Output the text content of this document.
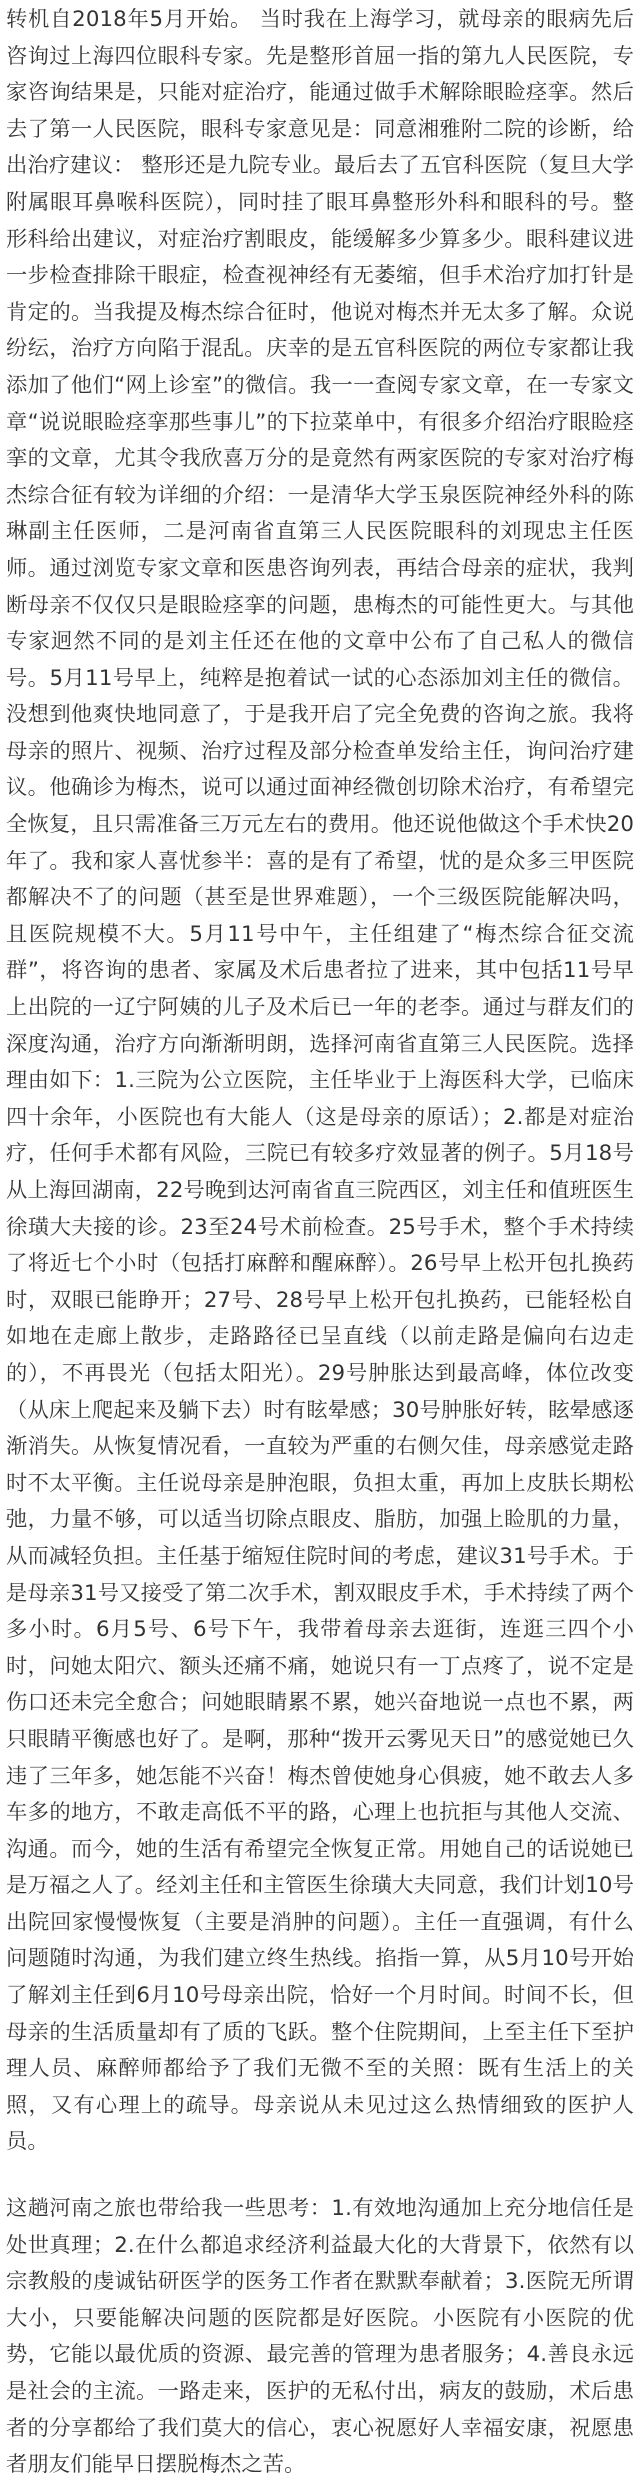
转机自2018年5月开始。 当时我在上海学习，就母亲的眼病先后咨询过上海四位眼科专家。先是整形首屈一指的第九人民医院，专家咨询结果是，只能对症治疗，能通过做手术解除眼睑痉挛。然后去了第一人民医院，眼科专家意见是：同意湘雅附二院的诊断，给出治疗建议： 整形还是九院专业。最后去了五官科医院（复旦大学附属眼耳鼻喉科医院），同时挂了眼耳鼻整形外科和眼科的号。整形科给出建议，对症治疗割眼皮，能缓解多少算多少。眼科建议进一步检查排除干眼症，检查视神经有无萎缩，但手术治疗加打针是肯定的。当我提及梅杰综合征时，他说对梅杰并无太多了解。众说纷纭，治疗方向陷于混乱。庆幸的是五官科医院的两位专家都让我添加了他们“网上诊室”的微信。我一一查阅专家文章，在一专家文章“说说眼睑痉挛那些事儿”的下拉菜单中，有很多介绍治疗眼睑痉挛的文章，尤其令我欣喜万分的是竟然有两家医院的专家对治疗梅杰综合征有较为详细的介绍：一是清华大学玉泉医院神经外科的陈琳副主任医师，二是河南省直第三人民医院眼科的刘现忠主任医师。通过浏览专家文章和医患咨询列表，再结合母亲的症状，我判断母亲不仅仅只是眼睑痉挛的问题，患梅杰的可能性更大。与其他专家迥然不同的是刘主任还在他的文章中公布了自己私人的微信号。5月11号早上，纯粹是抱着试一试的心态添加刘主任的微信。没想到他爽快地同意了，于是我开启了完全免费的咨询之旅。我将母亲的照片、视频、治疗过程及部分检查单发给主任，询问治疗建议。他确诊为梅杰，说可以通过面神经微创切除术治疗，有希望完全恢复，且只需准备三万元左右的费用。他还说他做这个手术快20年了。我和家人喜忧参半：喜的是有了希望，忧的是众多三甲医院都解决不了的问题（甚至是世界难题），一个三级医院能解决吗，且医院规模不大。5月11号中午，主任组建了“梅杰综合征交流群”，将咨询的患者、家属及术后患者拉了进来，其中包括11号早上出院的一辽宁阿姨的儿子及术后已一年的老李。通过与群友们的深度沟通，治疗方向渐渐明朗，选择河南省直第三人民医院。选择理由如下：1.三院为公立医院，主任毕业于上海医科大学，已临床四十余年，小医院也有大能人（这是母亲的原话）；2.都是对症治疗，任何手术都有风险，三院已有较多疗效显著的例子。5月18号从上海回湖南，22号晚到达河南省直三院西区，刘主任和值班医生徐璜大夫接的诊。23至24号术前检查。25号手术，整个手术持续了将近七个小时（包括打麻醉和醒麻醉）。26号早上松开包扎换药时，双眼已能睁开；27号、28号早上松开包扎换药，已能轻松自如地在走廊上散步，走路路径已呈直线（以前走路是偏向右边走的），不再畏光（包括太阳光）。29号肿胀达到最高峰，体位改变（从床上爬起来及躺下去）时有眩晕感；30号肿胀好转，眩晕感逐渐消失。从恢复情况看，一直较为严重的右侧欠佳，母亲感觉走路时不太平衡。主任说母亲是肿泡眼，负担太重，再加上皮肤长期松弛，力量不够，可以适当切除点眼皮、脂肪，加强上睑肌的力量，从而减轻负担。主任基于缩短住院时间的考虑，建议31号手术。于是母亲31号又接受了第二次手术，割双眼皮手术，手术持续了两个多小时。6月5号、6号下午，我带着母亲去逛街，连逛三四个小时，问她太阳穴、额头还痛不痛，她说只有一丁点疼了，说不定是伤口还未完全愈合；问她眼睛累不累，她兴奋地说一点也不累，两只眼睛平衡感也好了。是啊，那种“拨开云雾见天日”的感觉她已久违了三年多，她怎能不兴奋！梅杰曾使她身心俱疲，她不敢去人多车多的地方，不敢走高低不平的路，心理上也抗拒与其他人交流、沟通。而今，她的生活有希望完全恢复正常。用她自己的话说她已是万福之人了。经刘主任和主管医生徐璜大夫同意，我们计划10号出院回家慢慢恢复（主要是消肿的问题）。主任一直强调，有什么问题随时沟通，为我们建立终生热线。掐指一算，从5月10号开始了解刘主任到6月10号母亲出院，恰好一个月时间。时间不长，但母亲的生活质量却有了质的飞跃。整个住院期间，上至主任下至护理人员、麻醉师都给予了我们无微不至的关照：既有生活上的关照，又有心理上的疏导。母亲说从未见过这么热情细致的医护人员。

这趟河南之旅也带给我一些思考：1.有效地沟通加上充分地信任是处世真理；2.在什么都追求经济利益最大化的大背景下，依然有以宗教般的虔诚钻研医学的医务工作者在默默奉献着；3.医院无所谓大小，只要能解决问题的医院都是好医院。小医院有小医院的优势，它能以最优质的资源、最完善的管理为患者服务；4.善良永远是社会的主流。一路走来，医护的无私付出，病友的鼓励，术后患者的分享都给了我们莫大的信心，衷心祝愿好人幸福安康，祝愿患者朋友们能早日摆脱梅杰之苦。
